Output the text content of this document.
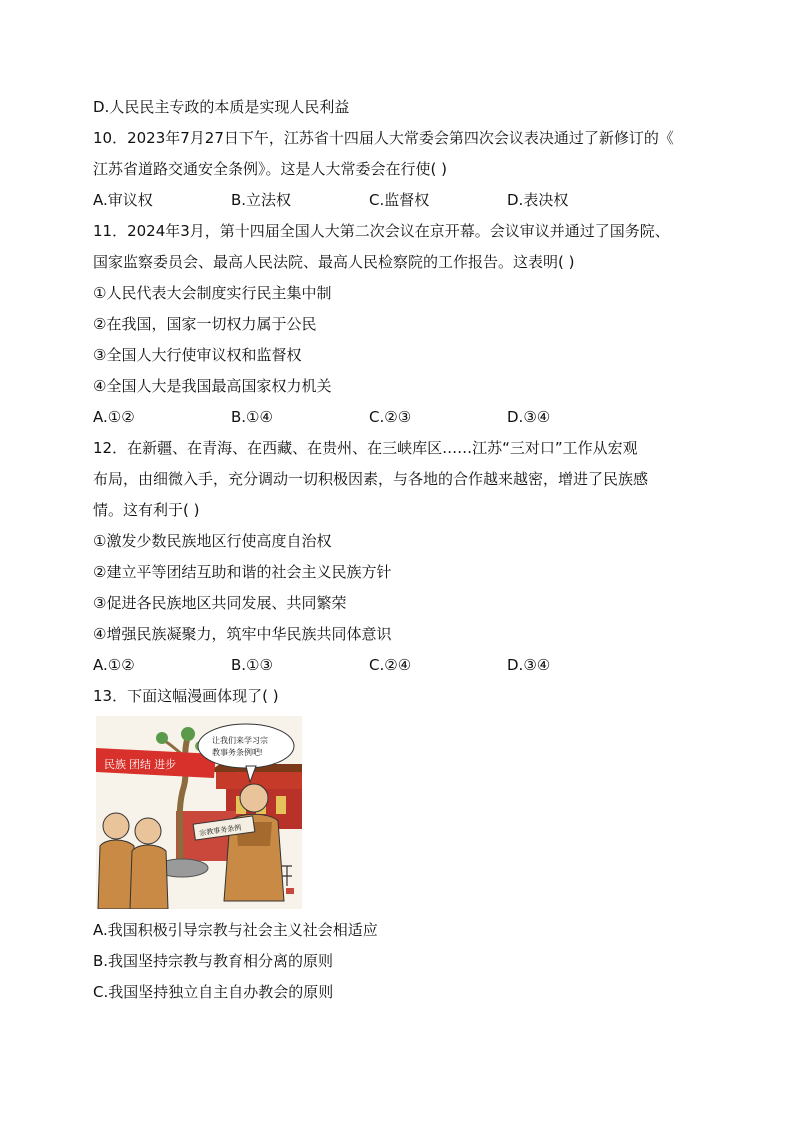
D.人民民主专政的本质是实现人民利益
10．2023年7月27日下午，江苏省十四届人大常委会第四次会议表决通过了新修订的《
江苏省道路交通安全条例》。这是人大常委会在行使( )
A.审议权	B.立法权	C.监督权	D.表决权
11．2024年3月，第十四届全国人大第二次会议在京开幕。会议审议并通过了国务院、
国家监察委员会、最高人民法院、最高人民检察院的工作报告。这表明( )
①人民代表大会制度实行民主集中制
②在我国，国家一切权力属于公民
③全国人大行使审议权和监督权
④全国人大是我国最高国家权力机关
A.①②	B.①④	C.②③	D.③④
12．在新疆、在青海、在西藏、在贵州、在三峡库区……江苏“三对口”工作从宏观
布局，由细微入手，充分调动一切积极因素，与各地的合作越来越密，增进了民族感
情。这有利于( )
①激发少数民族地区行使高度自治权
②建立平等团结互助和谐的社会主义民族方针
③促进各民族地区共同发展、共同繁荣
④增强民族凝聚力，筑牢中华民族共同体意识
A.①②	B.①③	C.②④	D.③④
13．下面这幅漫画体现了( )
民族 团结 进步
让我们来学习宗
教事务条例吧!
宗教事务条例
A.我国积极引导宗教与社会主义社会相适应
B.我国坚持宗教与教育相分离的原则
C.我国坚持独立自主自办教会的原则
